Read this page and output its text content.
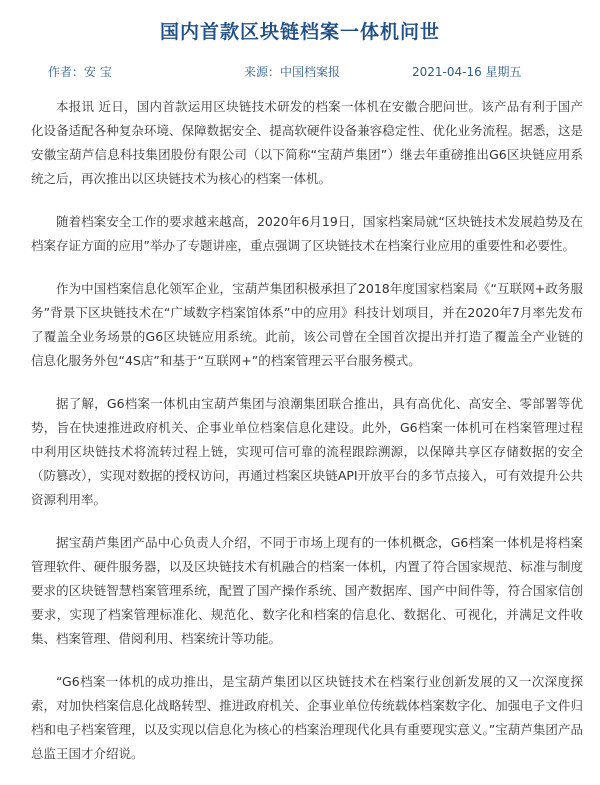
国内首款区块链档案一体机问世
作者：安 宝	来源：中国档案报	2021-04-16 星期五

本报讯 近日，国内首款运用区块链技术研发的档案一体机在安徽合肥问世。该产品有利于国产化设备适配各种复杂环境、保障数据安全、提高软硬件设备兼容稳定性、优化业务流程。据悉，这是安徽宝葫芦信息科技集团股份有限公司（以下简称“宝葫芦集团”）继去年重磅推出G6区块链应用系统之后，再次推出以区块链技术为核心的档案一体机。

随着档案安全工作的要求越来越高，2020年6月19日，国家档案局就“区块链技术发展趋势及在档案存证方面的应用”举办了专题讲座，重点强调了区块链技术在档案行业应用的重要性和必要性。

作为中国档案信息化领军企业，宝葫芦集团积极承担了2018年度国家档案局《“互联网+政务服务”背景下区块链技术在“广域数字档案馆体系”中的应用》科技计划项目，并在2020年7月率先发布了覆盖全业务场景的G6区块链应用系统。此前，该公司曾在全国首次提出并打造了覆盖全产业链的信息化服务外包“4S店”和基于“互联网+”的档案管理云平台服务模式。

据了解，G6档案一体机由宝葫芦集团与浪潮集团联合推出，具有高优化、高安全、零部署等优势，旨在快速推进政府机关、企事业单位档案信息化建设。此外，G6档案一体机可在档案管理过程中利用区块链技术将流转过程上链，实现可信可靠的流程跟踪溯源，以保障共享区存储数据的安全（防篡改），实现对数据的授权访问，再通过档案区块链API开放平台的多节点接入，可有效提升公共资源利用率。

据宝葫芦集团产品中心负责人介绍，不同于市场上现有的一体机概念，G6档案一体机是将档案管理软件、硬件服务器，以及区块链技术有机融合的档案一体机，内置了符合国家规范、标准与制度要求的区块链智慧档案管理系统，配置了国产操作系统、国产数据库、国产中间件等，符合国家信创要求，实现了档案管理标准化、规范化、数字化和档案的信息化、数据化、可视化，并满足文件收集、档案管理、借阅利用、档案统计等功能。

“G6档案一体机的成功推出，是宝葫芦集团以区块链技术在档案行业创新发展的又一次深度探索，对加快档案信息化战略转型、推进政府机关、企事业单位传统载体档案数字化、加强电子文件归档和电子档案管理，以及实现以信息化为核心的档案治理现代化具有重要现实意义。”宝葫芦集团产品总监王国才介绍说。
